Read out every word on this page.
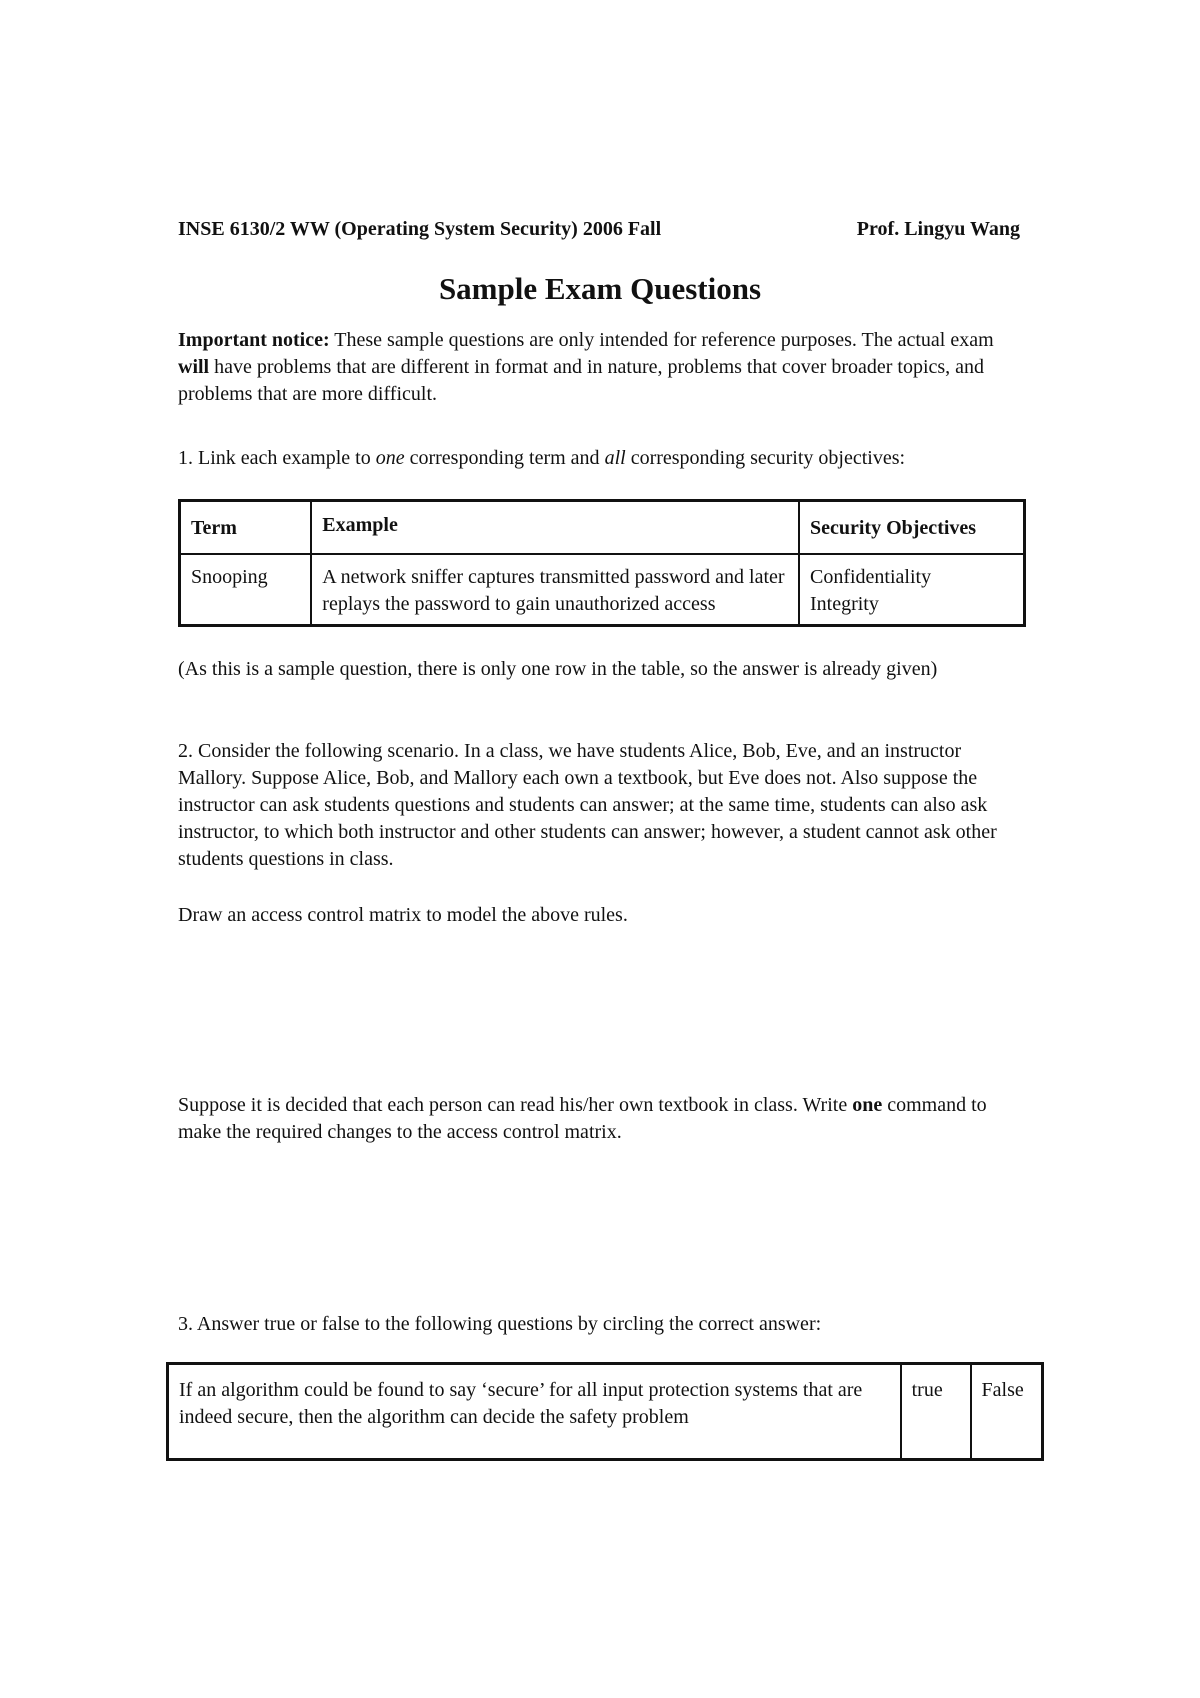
INSE 6130/2 WW (Operating System Security) 2006 Fall	Prof. Lingyu Wang
Sample Exam Questions
Important notice: These sample questions are only intended for reference purposes. The actual exam will have problems that are different in format and in nature, problems that cover broader topics, and problems that are more difficult.
1. Link each example to one corresponding term and all corresponding security objectives:
Term	Example	Security Objectives
Snooping	A network sniffer captures transmitted password and later replays the password to gain unauthorized access	Confidentiality
Integrity
(As this is a sample question, there is only one row in the table, so the answer is already given)
2. Consider the following scenario. In a class, we have students Alice, Bob, Eve, and an instructor Mallory. Suppose Alice, Bob, and Mallory each own a textbook, but Eve does not. Also suppose the instructor can ask students questions and students can answer; at the same time, students can also ask instructor, to which both instructor and other students can answer; however, a student cannot ask other students questions in class.
Draw an access control matrix to model the above rules.
Suppose it is decided that each person can read his/her own textbook in class. Write one command to make the required changes to the access control matrix.
3. Answer true or false to the following questions by circling the correct answer:
If an algorithm could be found to say ‘secure’ for all input protection systems that are indeed secure, then the algorithm can decide the safety problem	true	False
